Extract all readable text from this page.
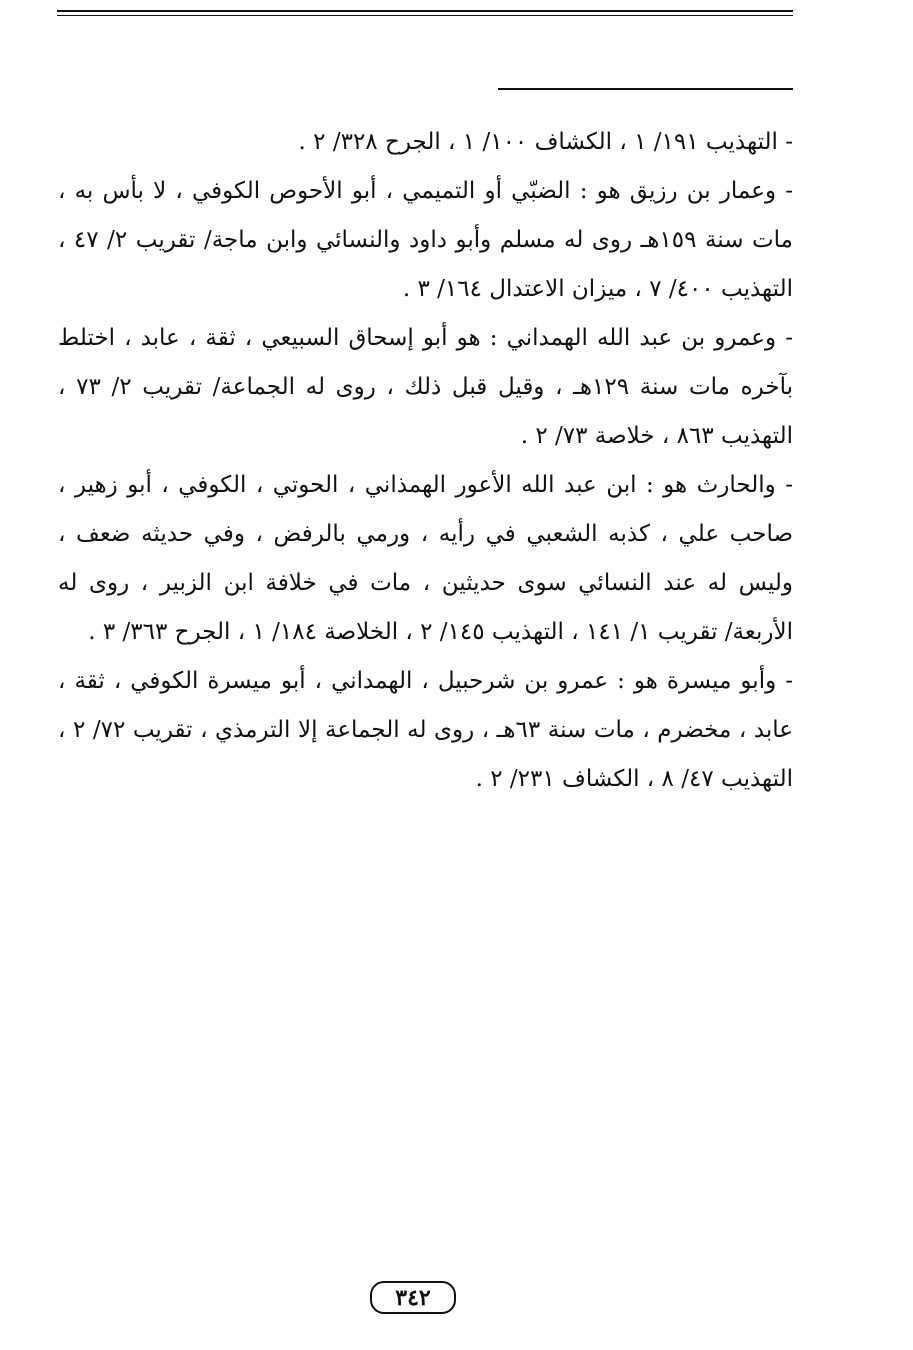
- التهذيب ١٩١/ ١ ، الكشاف ١٠٠/ ١ ، الجرح ٣٢٨/ ٢ .

- وعمار بن رزيق هو : الضبّي أو التميمي ، أبو الأحوص الكوفي ، لا بأس به ، مات سنة ١٥٩هـ روى له مسلم وأبو داود والنسائي وابن ماجة/ تقريب ٢/ ٤٧ ، التهذيب ٤٠٠/ ٧ ، ميزان الاعتدال ١٦٤/ ٣ .

- وعمرو بن عبد الله الهمداني : هو أبو إسحاق السبيعي ، ثقة ، عابد ، اختلط بآخره مات سنة ١٢٩هـ ، وقيل قبل ذلك ، روى له الجماعة/ تقريب ٢/ ٧٣ ، التهذيب ٨٦٣ ، خلاصة ٧٣/ ٢ .

- والحارث هو : ابن عبد الله الأعور الهمذاني ، الحوتي ، الكوفي ، أبو زهير ، صاحب علي ، كذبه الشعبي في رأيه ، ورمي بالرفض ، وفي حديثه ضعف ، وليس له عند النسائي سوى حديثين ، مات في خلافة ابن الزبير ، روى له الأربعة/ تقريب ١/ ١٤١ ، التهذيب ١٤٥/ ٢ ، الخلاصة ١٨٤/ ١ ، الجرح ٣٦٣/ ٣ .

- وأبو ميسرة هو : عمرو بن شرحبيل ، الهمداني ، أبو ميسرة الكوفي ، ثقة ، عابد ، مخضرم ، مات سنة ٦٣هـ ، روى له الجماعة إلا الترمذي ، تقريب ٧٢/ ٢ ، التهذيب ٤٧/ ٨ ، الكشاف ٢٣١/ ٢ .

٣٤٢
